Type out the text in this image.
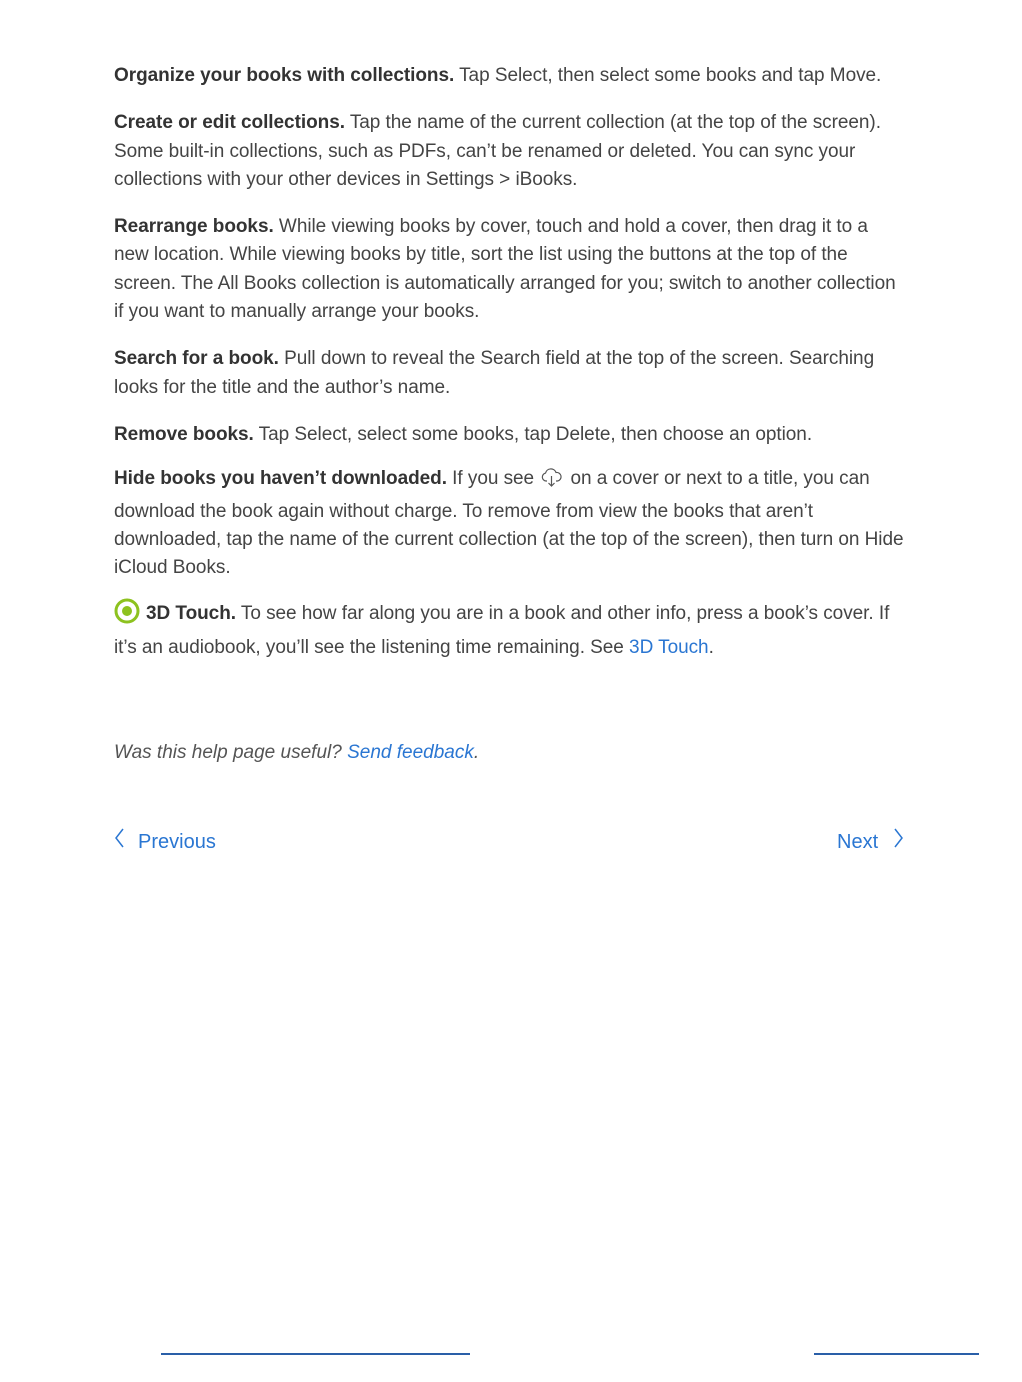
Organize your books with collections. Tap Select, then select some books and tap Move.

Create or edit collections. Tap the name of the current collection (at the top of the screen). Some built-in collections, such as PDFs, can’t be renamed or deleted. You can sync your collections with your other devices in Settings > iBooks.

Rearrange books. While viewing books by cover, touch and hold a cover, then drag it to a new location. While viewing books by title, sort the list using the buttons at the top of the screen. The All Books collection is automatically arranged for you; switch to another collection if you want to manually arrange your books.

Search for a book. Pull down to reveal the Search field at the top of the screen. Searching looks for the title and the author’s name.

Remove books. Tap Select, select some books, tap Delete, then choose an option.

Hide books you haven’t downloaded. If you see  on a cover or next to a title, you can download the book again without charge. To remove from view the books that aren’t downloaded, tap the name of the current collection (at the top of the screen), then turn on Hide iCloud Books.

3D Touch. To see how far along you are in a book and other info, press a book’s cover. If it’s an audiobook, you’ll see the listening time remaining. See 3D Touch.

Was this help page useful? Send feedback.
Previous	Next
